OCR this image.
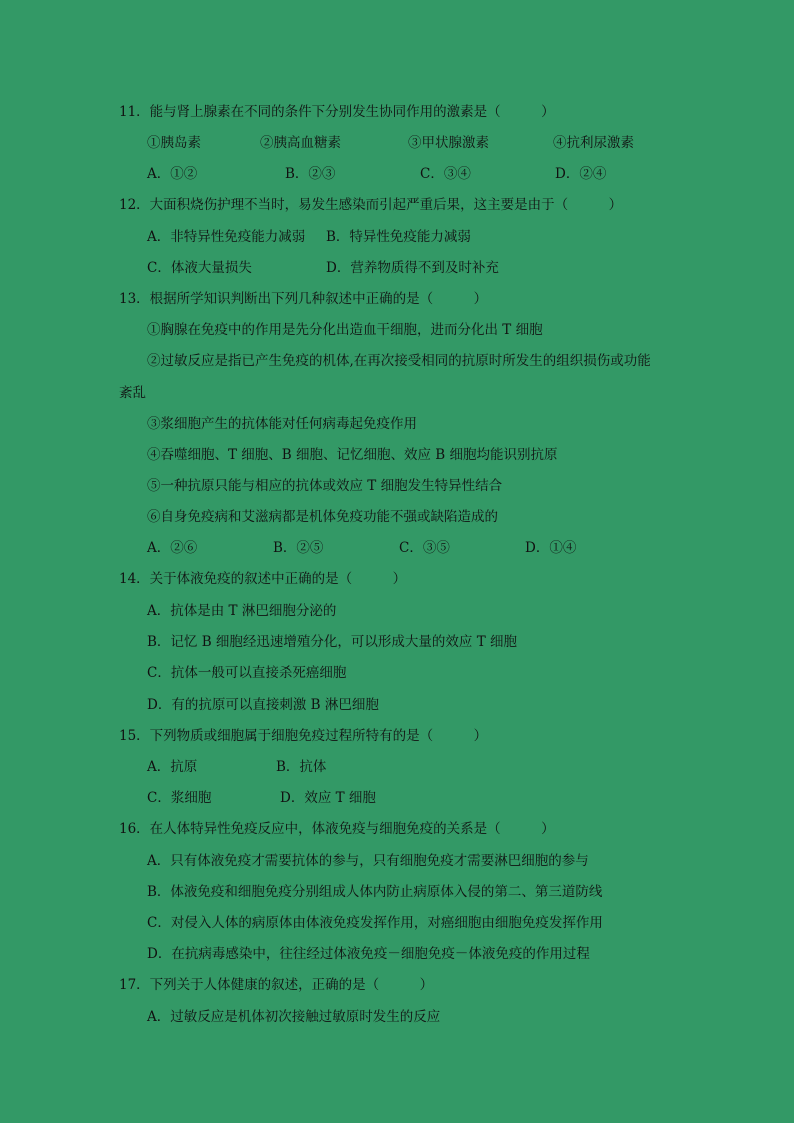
11．能与肾上腺素在不同的条件下分别发生协同作用的激素是（　　　）
①胰岛素	②胰高血糖素	③甲状腺激素	④抗利尿激素
A．①②	B．②③	C．③④	D．②④
12．大面积烧伤护理不当时，易发生感染而引起严重后果，这主要是由于（　　　）
A．非特异性免疫能力减弱 B．特异性免疫能力减弱
C．体液大量损失	D．营养物质得不到及时补充
13．根据所学知识判断出下列几种叙述中正确的是（　　　）
①胸腺在免疫中的作用是先分化出造血干细胞，进而分化出 T 细胞
②过敏反应是指已产生免疫的机体,在再次接受相同的抗原时所发生的组织损伤或功能
紊乱
③浆细胞产生的抗体能对任何病毒起免疫作用
④吞噬细胞、T 细胞、B 细胞、记忆细胞、效应 B 细胞均能识别抗原
⑤一种抗原只能与相应的抗体或效应 T 细胞发生特异性结合
⑥自身免疫病和艾滋病都是机体免疫功能不强或缺陷造成的
A．②⑥	B．②⑤	C．③⑤	D．①④
14．关于体液免疫的叙述中正确的是（　　　）
A．抗体是由 T 淋巴细胞分泌的
B．记忆 B 细胞经迅速增殖分化，可以形成大量的效应 T 细胞
C．抗体一般可以直接杀死癌细胞
D．有的抗原可以直接刺激 B 淋巴细胞
15．下列物质或细胞属于细胞免疫过程所特有的是（　　　）
A．抗原	B．抗体
C．浆细胞	D．效应 T 细胞
16．在人体特异性免疫反应中，体液免疫与细胞免疫的关系是（　　　）
A．只有体液免疫才需要抗体的参与，只有细胞免疫才需要淋巴细胞的参与
B．体液免疫和细胞免疫分别组成人体内防止病原体入侵的第二、第三道防线
C．对侵入人体的病原体由体液免疫发挥作用，对癌细胞由细胞免疫发挥作用
D．在抗病毒感染中，往往经过体液免疫－细胞免疫－体液免疫的作用过程
17．下列关于人体健康的叙述，正确的是（　　　）
A．过敏反应是机体初次接触过敏原时发生的反应
